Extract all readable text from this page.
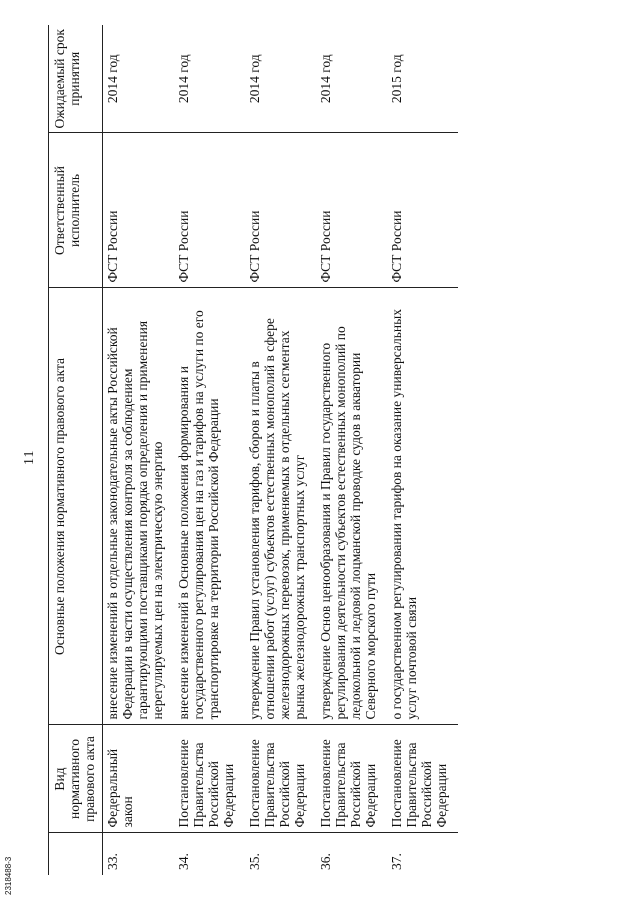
2318488-3
11
	Вид нормативного правового акта	Основные положения нормативного правового акта	Ответственный исполнитель	Ожидаемый срок принятия
33.	Федеральный закон	внесение изменений в отдельные законодательные акты Российской Федерации в части осуществления контроля за соблюдением гарантирующими поставщиками порядка определения и применения нерегулируемых цен на электрическую энергию	ФСТ России	2014 год
34.	Постановление Правительства Российской Федерации	внесение изменений в Основные положения формирования и государственного регулирования цен на газ и тарифов на услуги по его транспортировке на территории Российской Федерации	ФСТ России	2014 год
35.	Постановление Правительства Российской Федерации	утверждение Правил установления тарифов, сборов и платы в отношении работ (услуг) субъектов естественных монополий в сфере железнодорожных перевозок, применяемых в отдельных сегментах рынка железнодорожных транспортных услуг	ФСТ России	2014 год
36.	Постановление Правительства Российской Федерации	утверждение Основ ценообразования и Правил государственного регулирования деятельности субъектов естественных монополий по ледокольной и ледовой лоцманской проводке судов в акватории Северного морского пути	ФСТ России	2014 год
37.	Постановление Правительства Российской Федерации	о государственном регулировании тарифов на оказание универсальных услуг почтовой связи	ФСТ России	2015 год
